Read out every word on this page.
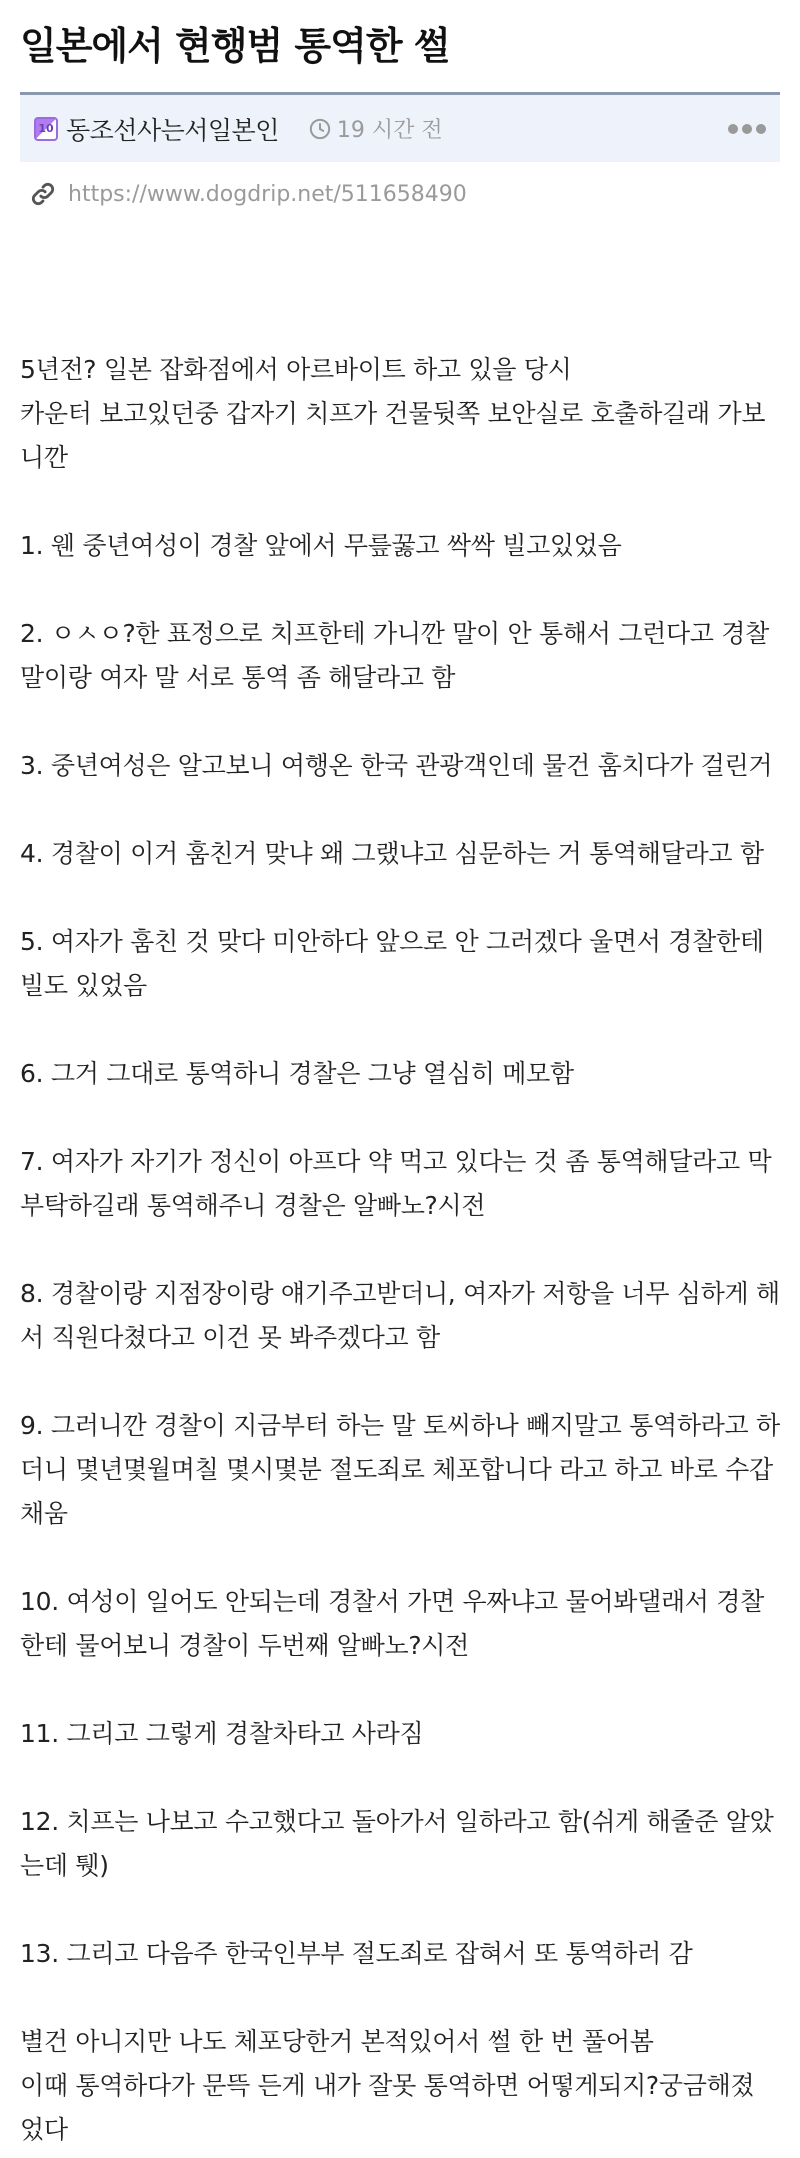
일본에서 현행범 통역한 썰
10 동조선사는서일본인	19 시간 전
https://www.dogdrip.net/511658490

5년전? 일본 잡화점에서 아르바이트 하고 있을 당시

카운터 보고있던중 갑자기 치프가 건물뒷쪽 보안실로 호출하길래 가보

니깐

1. 웬 중년여성이 경찰 앞에서 무릎꿇고 싹싹 빌고있었음

2. ㅇㅅㅇ?한 표정으로 치프한테 가니깐 말이 안 통해서 그런다고 경찰

말이랑 여자 말 서로 통역 좀 해달라고 함

3. 중년여성은 알고보니 여행온 한국 관광객인데 물건 훔치다가 걸린거

4. 경찰이 이거 훔친거 맞냐 왜 그랬냐고 심문하는 거 통역해달라고 함

5. 여자가 훔친 것 맞다 미안하다 앞으로 안 그러겠다 울면서 경찰한테

빌도 있었음

6. 그거 그대로 통역하니 경찰은 그냥 열심히 메모함

7. 여자가 자기가 정신이 아프다 약 먹고 있다는 것 좀 통역해달라고 막

부탁하길래 통역해주니 경찰은 알빠노?시전

8. 경찰이랑 지점장이랑 얘기주고받더니, 여자가 저항을 너무 심하게 해

서 직원다쳤다고 이건 못 봐주겠다고 함

9. 그러니깐 경찰이 지금부터 하는 말 토씨하나 빼지말고 통역하라고 하

더니 몇년몇월며칠 몇시몇분 절도죄로 체포합니다 라고 하고 바로 수갑

채움

10. 여성이 일어도 안되는데 경찰서 가면 우짜냐고 물어봐댈래서 경찰

한테 물어보니 경찰이 두번째 알빠노?시전

11. 그리고 그렇게 경찰차타고 사라짐

12. 치프는 나보고 수고했다고 돌아가서 일하라고 함(쉬게 해줄준 알았

는데 퉷)

13. 그리고 다음주 한국인부부 절도죄로 잡혀서 또 통역하러 감

별건 아니지만 나도 체포당한거 본적있어서 썰 한 번 풀어봄

이때 통역하다가 문뜩 든게 내가 잘못 통역하면 어떻게되지?궁금해졌

었다
